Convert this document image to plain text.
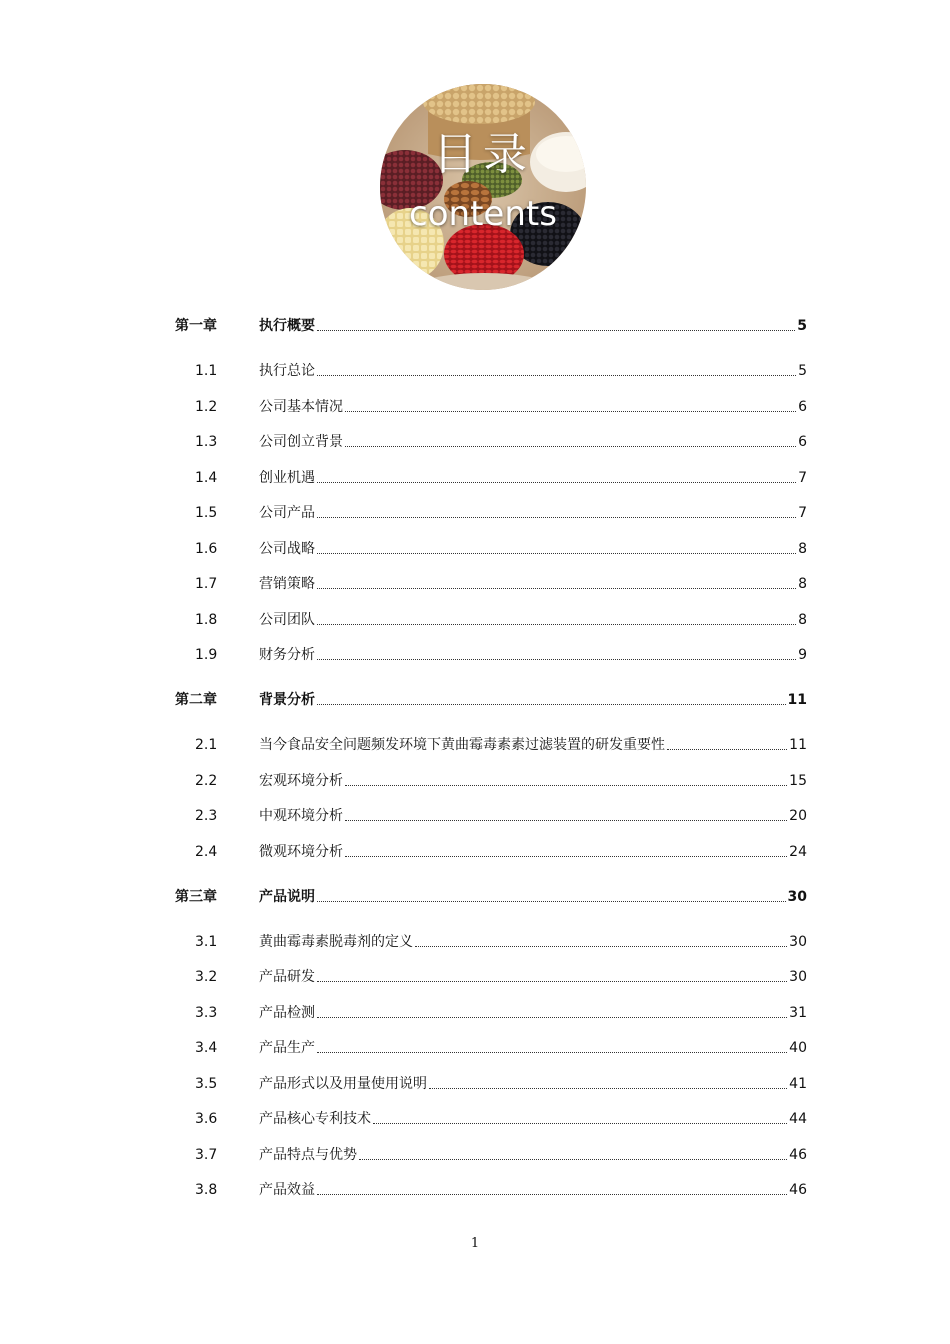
目录
contents
第一章	执行概要	5
1.1	执行总论	5
1.2	公司基本情况	6
1.3	公司创立背景	6
1.4	创业机遇	7
1.5	公司产品	7
1.6	公司战略	8
1.7	营销策略	8
1.8	公司团队	8
1.9	财务分析	9
第二章	背景分析	11
2.1	当今食品安全问题频发环境下黄曲霉毒素素过滤装置的研发重要性	11
2.2	宏观环境分析	15
2.3	中观环境分析	20
2.4	微观环境分析	24
第三章	产品说明	30
3.1	黄曲霉毒素脱毒剂的定义	30
3.2	产品研发	30
3.3	产品检测	31
3.4	产品生产	40
3.5	产品形式以及用量使用说明	41
3.6	产品核心专利技术	44
3.7	产品特点与优势	46
3.8	产品效益	46
1
